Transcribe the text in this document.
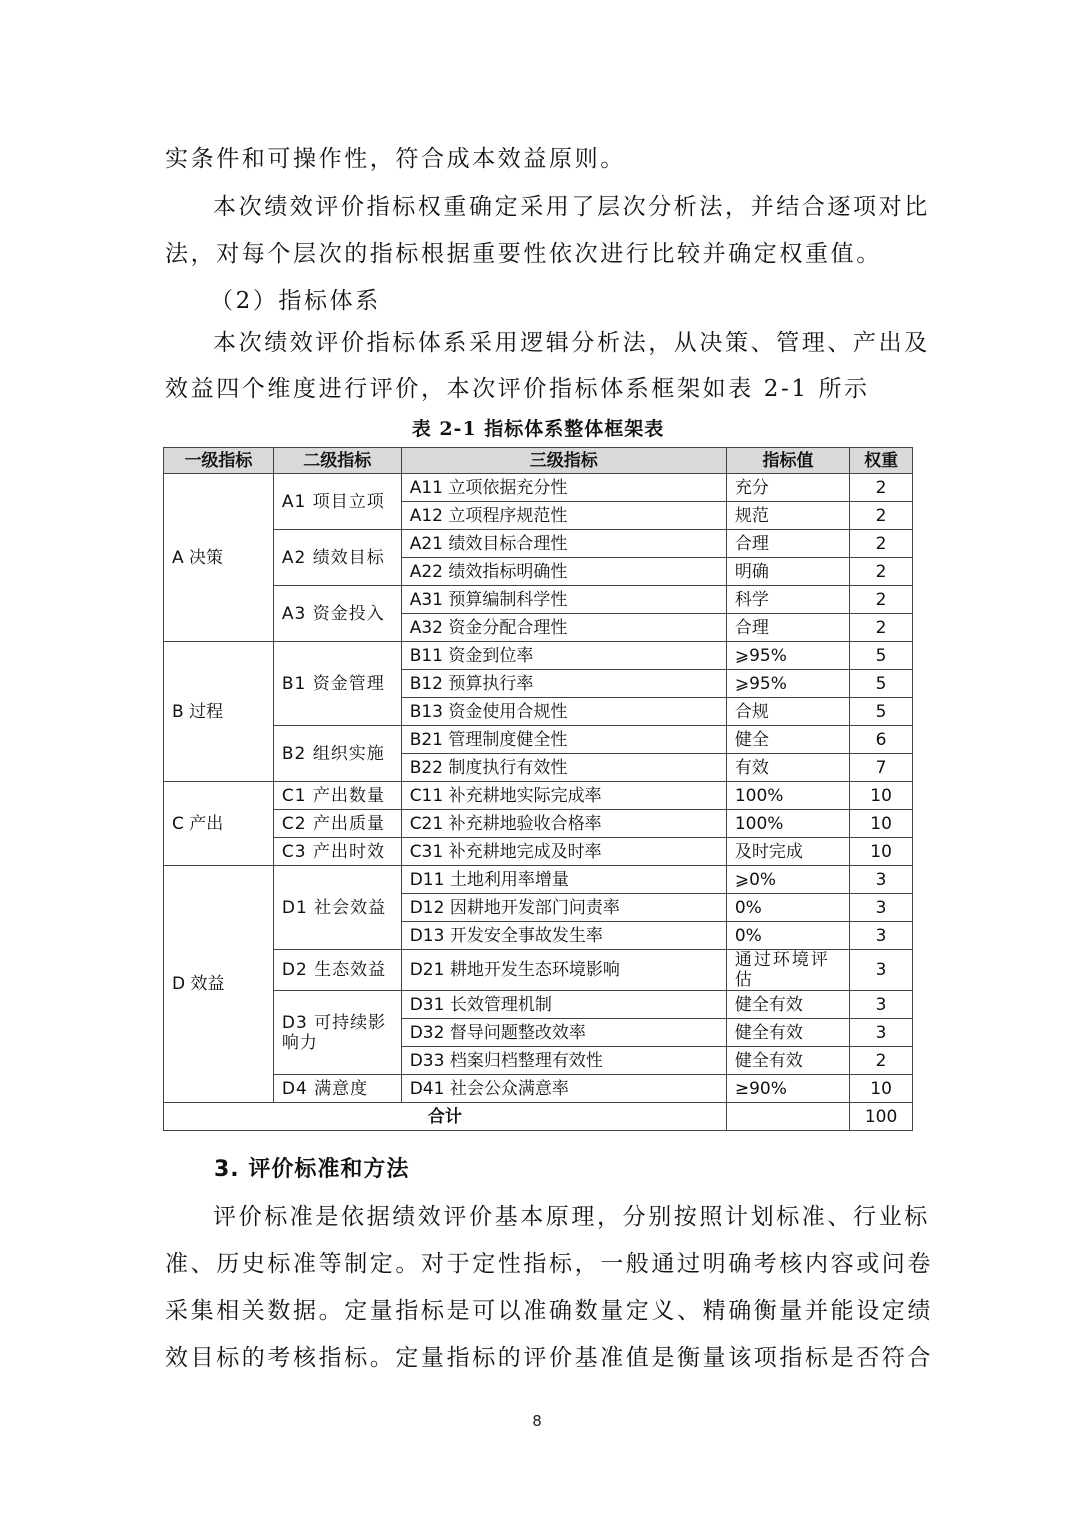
实条件和可操作性，符合成本效益原则。
本次绩效评价指标权重确定采用了层次分析法，并结合逐项对比
法，对每个层次的指标根据重要性依次进行比较并确定权重值。
（2）指标体系
本次绩效评价指标体系采用逻辑分析法，从决策、管理、产出及
效益四个维度进行评价，本次评价指标体系框架如表 2-1 所示
表 2-1 指标体系整体框架表
一级指标	二级指标	三级指标	指标值	权重
A 决策	A1 项目立项	A11 立项依据充分性	充分	2
		A12 立项程序规范性	规范	2
	A2 绩效目标	A21 绩效目标合理性	合理	2
		A22 绩效指标明确性	明确	2
	A3 资金投入	A31 预算编制科学性	科学	2
		A32 资金分配合理性	合理	2
B 过程	B1 资金管理	B11 资金到位率	⩾95%	5
		B12 预算执行率	⩾95%	5
		B13 资金使用合规性	合规	5
	B2 组织实施	B21 管理制度健全性	健全	6
		B22 制度执行有效性	有效	7
C 产出	C1 产出数量	C11 补充耕地实际完成率	100%	10
	C2 产出质量	C21 补充耕地验收合格率	100%	10
	C3 产出时效	C31 补充耕地完成及时率	及时完成	10
D 效益	D1 社会效益	D11 土地利用率增量	⩾0%	3
		D12 因耕地开发部门问责率	0%	3
		D13 开发安全事故发生率	0%	3
	D2 生态效益	D21 耕地开发生态环境影响	通过环境评估	3
	D3 可持续影响力	D31 长效管理机制	健全有效	3
		D32 督导问题整改效率	健全有效	3
		D33 档案归档整理有效性	健全有效	2
	D4 满意度	D41 社会公众满意率	≥90%	10
合计				100
3. 评价标准和方法
评价标准是依据绩效评价基本原理，分别按照计划标准、行业标
准、历史标准等制定。对于定性指标，一般通过明确考核内容或问卷
采集相关数据。定量指标是可以准确数量定义、精确衡量并能设定绩
效目标的考核指标。定量指标的评价基准值是衡量该项指标是否符合
8
